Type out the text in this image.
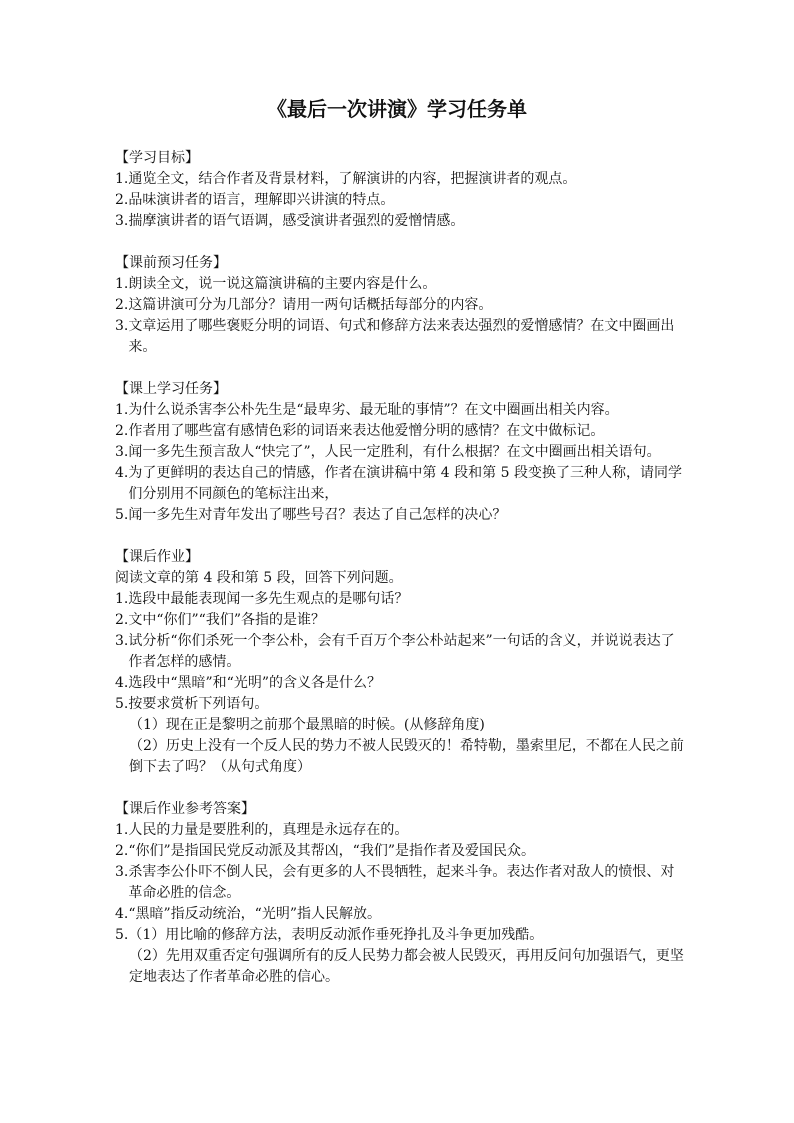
《最后一次讲演》学习任务单

【学习目标】

1. 通览全文，结合作者及背景材料，了解演讲的内容，把握演讲者的观点。
2. 品味演讲者的语言，理解即兴讲演的特点。
3. 揣摩演讲者的语气语调，感受演讲者强烈的爱憎情感。

【课前预习任务】

1. 朗读全文，说一说这篇演讲稿的主要内容是什么。
2. 这篇讲演可分为几部分？请用一两句话概括每部分的内容。
3. 文章运用了哪些褒贬分明的词语、句式和修辞方法来表达强烈的爱憎感情？在文中圈画出来。

【课上学习任务】

1. 为什么说杀害李公朴先生是“最卑劣、最无耻的事情”？在文中圈画出相关内容。
2. 作者用了哪些富有感情色彩的词语来表达他爱憎分明的感情？在文中做标记。
3. 闻一多先生预言敌人“快完了”，人民一定胜利，有什么根据？在文中圈画出相关语句。
4. 为了更鲜明的表达自己的情感，作者在演讲稿中第 4 段和第 5 段变换了三种人称，请同学们分别用不同颜色的笔标注出来，
5. 闻一多先生对青年发出了哪些号召？表达了自己怎样的决心？

【课后作业】

阅读文章的第 4 段和第 5 段，回答下列问题。

1. 选段中最能表现闻一多先生观点的是哪句话？
2. 文中“你们”“我们”各指的是谁？
3. 试分析“你们杀死一个李公朴，会有千百万个李公朴站起来”一句话的含义，并说说表达了作者怎样的感情。
4. 选段中“黑暗”和“光明”的含义各是什么？
5. 按要求赏析下列语句。

（1）现在正是黎明之前那个最黑暗的时候。(从修辞角度)

（2）历史上没有一个反人民的势力不被人民毁灭的！希特勒，墨索里尼，不都在人民之前倒下去了吗？（从句式角度）

【课后作业参考答案】

1. 人民的力量是要胜利的，真理是永远存在的。
2. “你们”是指国民党反动派及其帮凶，“我们”是指作者及爱国民众。
3. 杀害李公仆吓不倒人民，会有更多的人不畏牺牲，起来斗争。表达作者对敌人的愤恨、对革命必胜的信念。
4. “黑暗”指反动统治，“光明”指人民解放。
5. （1）用比喻的修辞方法，表明反动派作垂死挣扎及斗争更加残酷。

（2）先用双重否定句强调所有的反人民势力都会被人民毁灭，再用反问句加强语气，更坚定地表达了作者革命必胜的信心。
